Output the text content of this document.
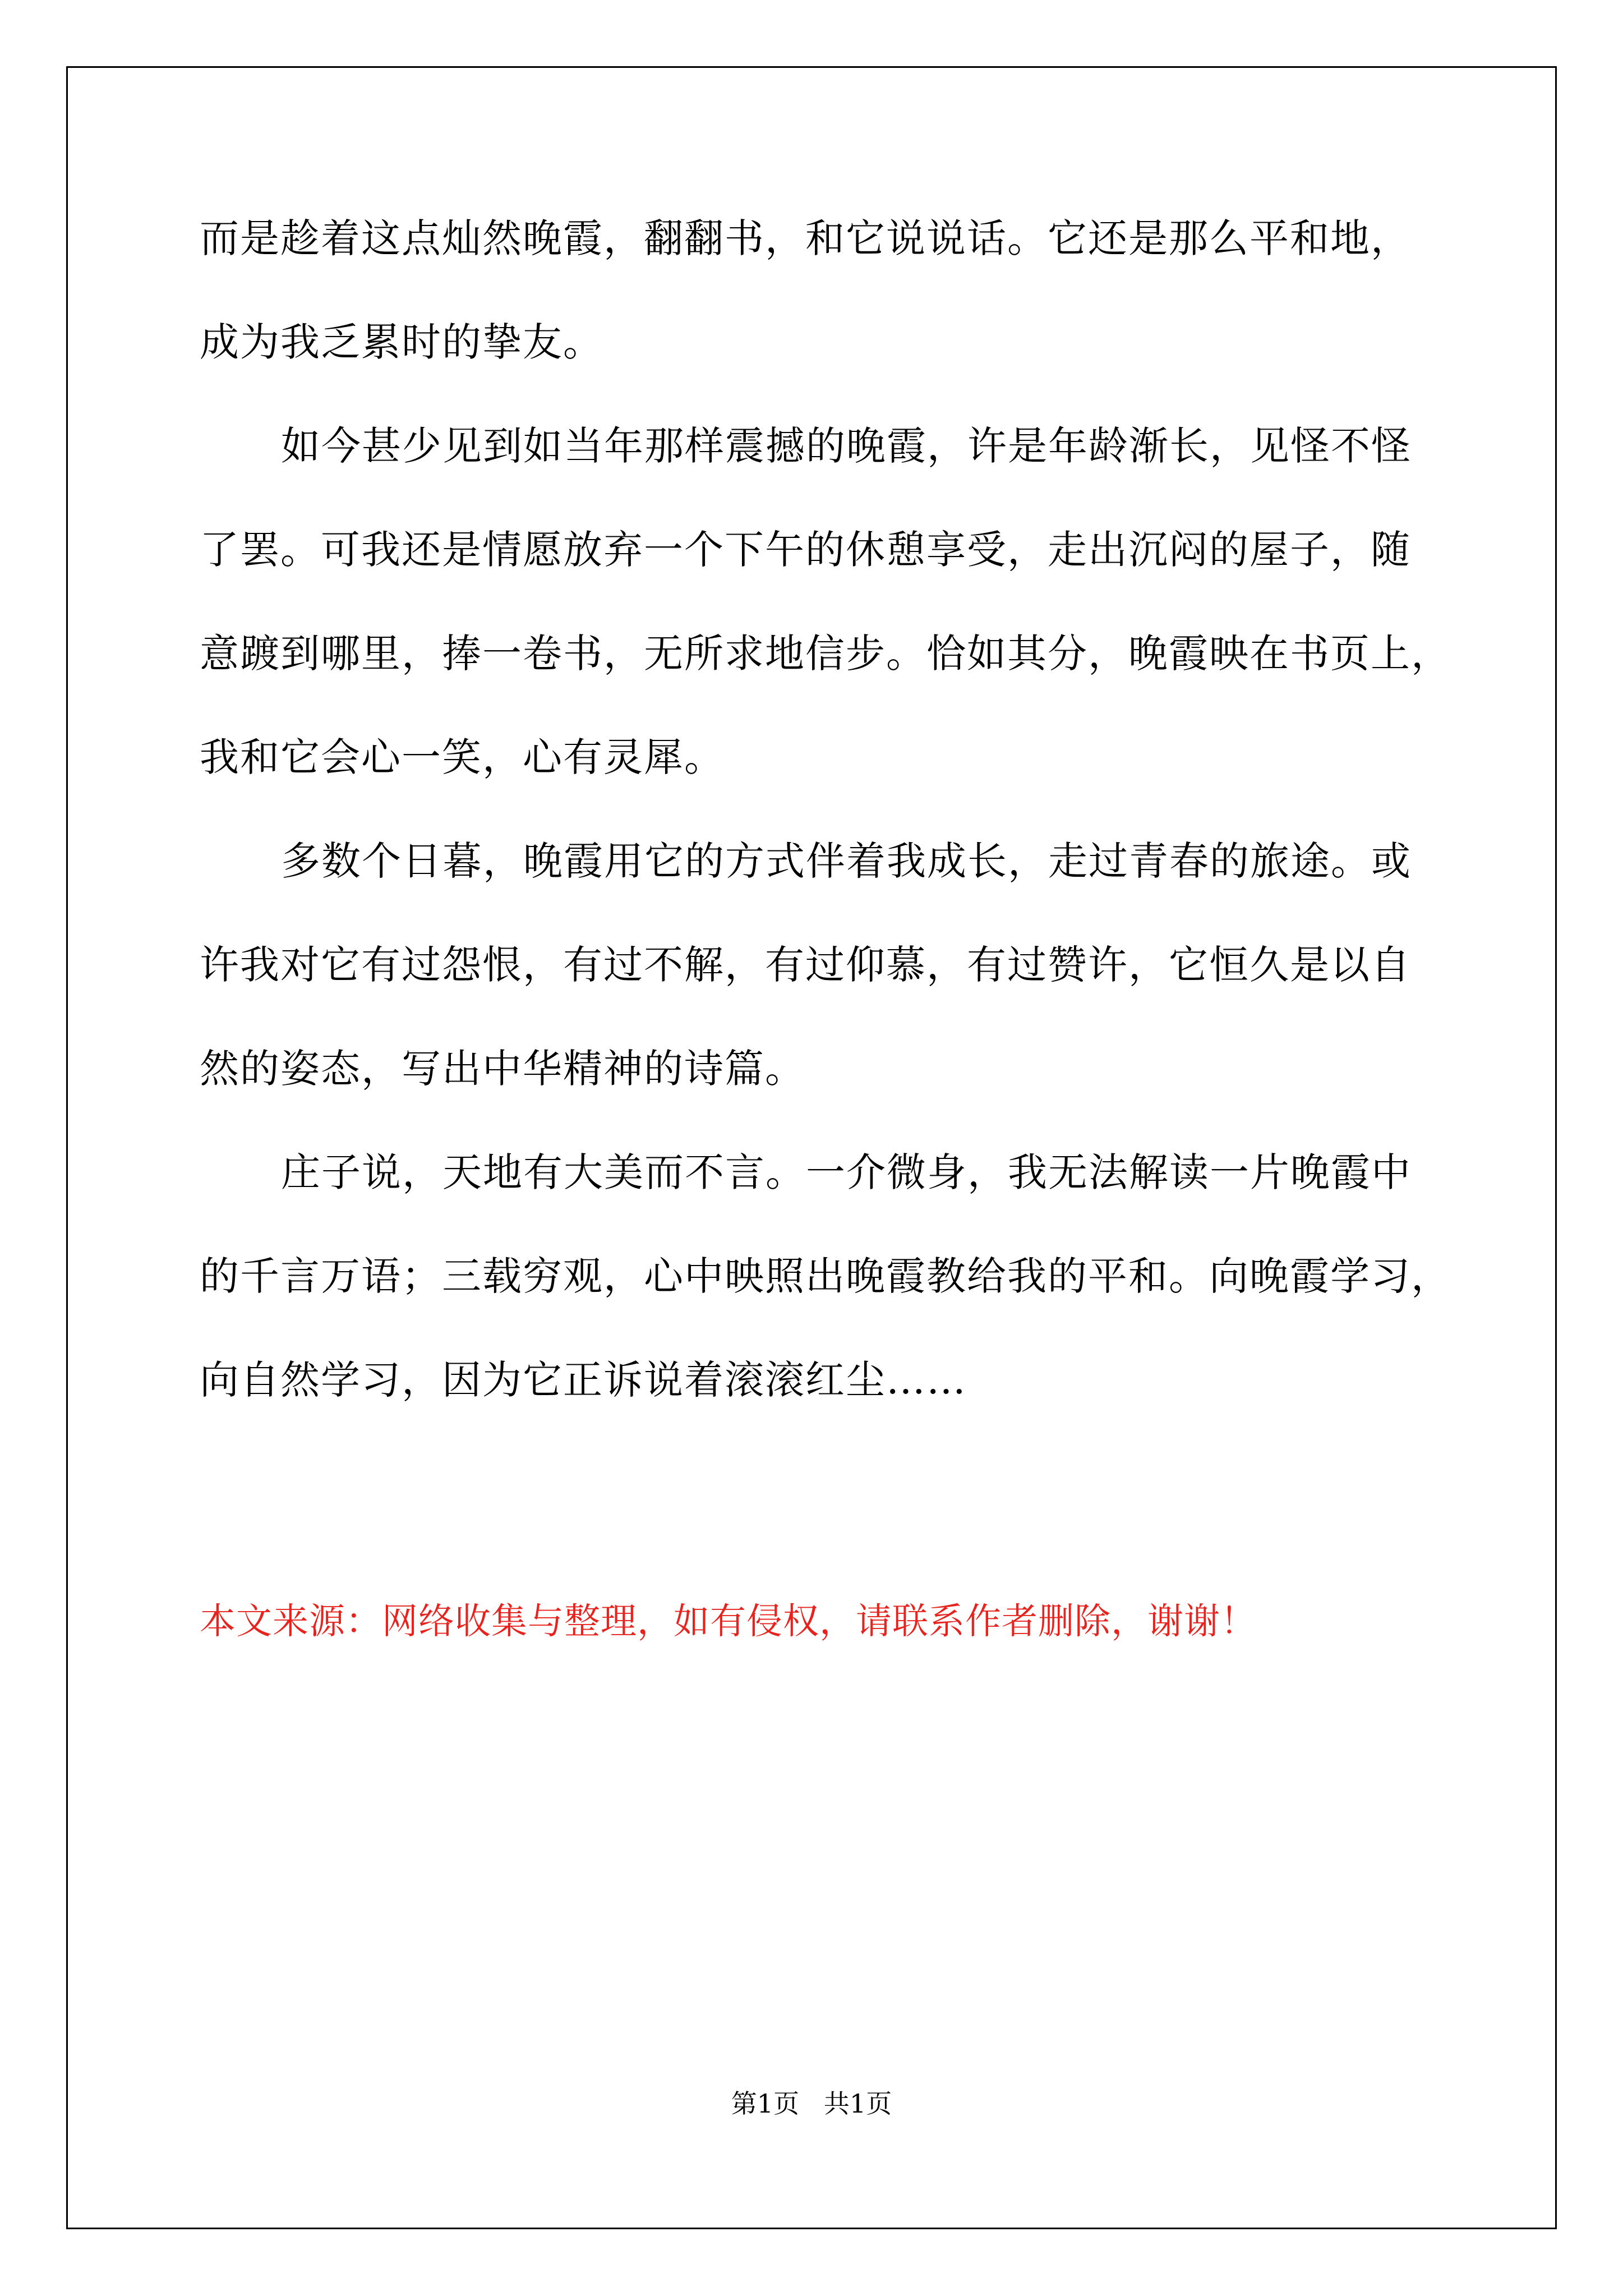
而是趁着这点灿然晚霞，翻翻书，和它说说话。它还是那么平和地，
成为我乏累时的挚友。
如今甚少见到如当年那样震撼的晚霞，许是年龄渐长，见怪不怪
了罢。可我还是情愿放弃一个下午的休憩享受，走出沉闷的屋子，随
意踱到哪里，捧一卷书，无所求地信步。恰如其分，晚霞映在书页上，
我和它会心一笑，心有灵犀。
多数个日暮，晚霞用它的方式伴着我成长，走过青春的旅途。或
许我对它有过怨恨，有过不解，有过仰慕，有过赞许，它恒久是以自
然的姿态，写出中华精神的诗篇。
庄子说，天地有大美而不言。一介微身，我无法解读一片晚霞中
的千言万语；三载穷观，心中映照出晚霞教给我的平和。向晚霞学习，
向自然学习，因为它正诉说着滚滚红尘……
本文来源：网络收集与整理，如有侵权，请联系作者删除，谢谢！
第1页   共1页
